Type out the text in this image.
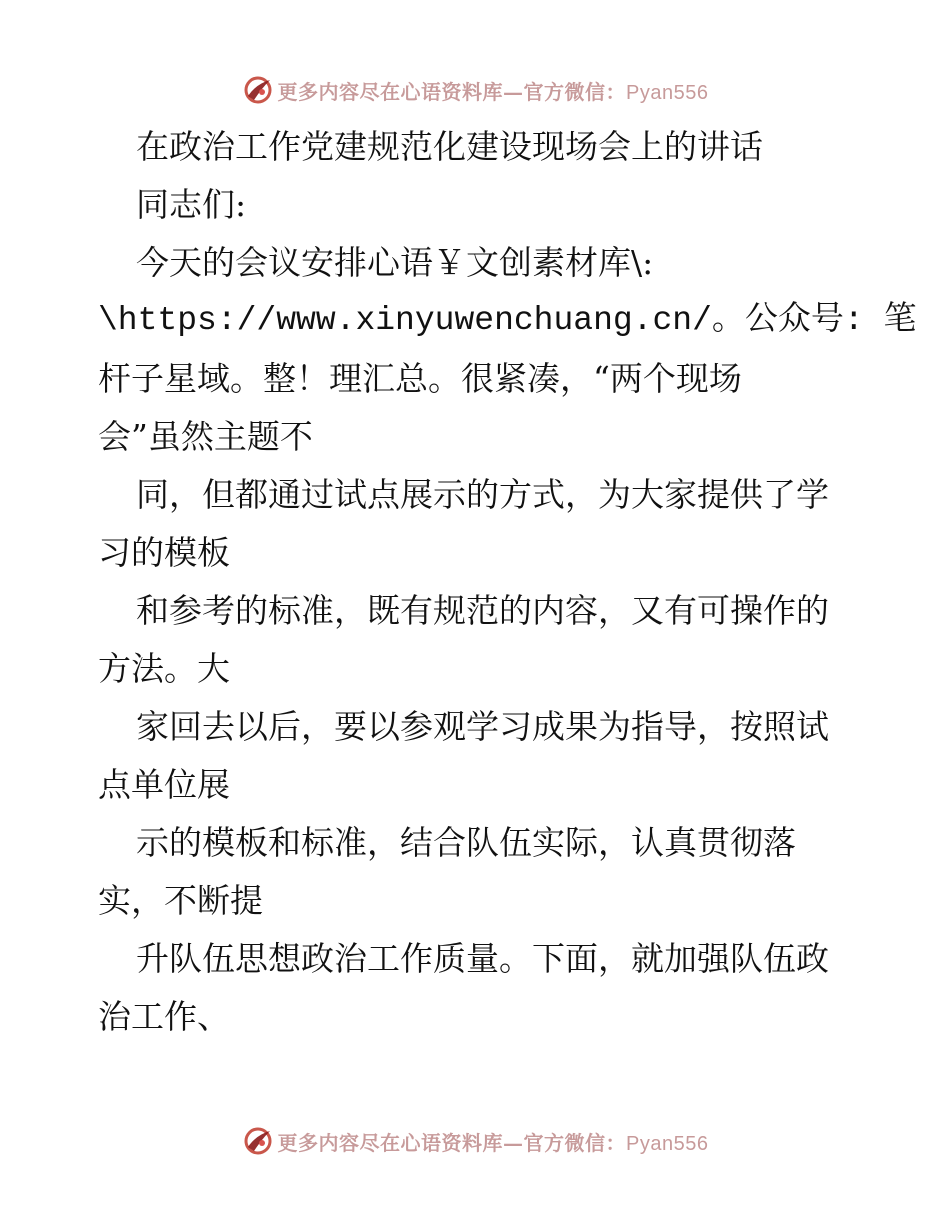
更多内容尽在心语资料库—官方微信：Pyan556
在政治工作党建规范化建设现场会上的讲话
同志们:
今天的会议安排心语￥文创素材库\:
\https://www.xinyuwenchuang.cn/。公众号: 笔
杆子星域。整！理汇总。很紧凑，“两个现场
会”虽然主题不
同，但都通过试点展示的方式，为大家提供了学
习的模板
和参考的标准，既有规范的内容，又有可操作的
方法。大
家回去以后，要以参观学习成果为指导，按照试
点单位展
示的模板和标准，结合队伍实际，认真贯彻落
实，不断提
升队伍思想政治工作质量。下面，就加强队伍政
治工作、
更多内容尽在心语资料库—官方微信：Pyan556
